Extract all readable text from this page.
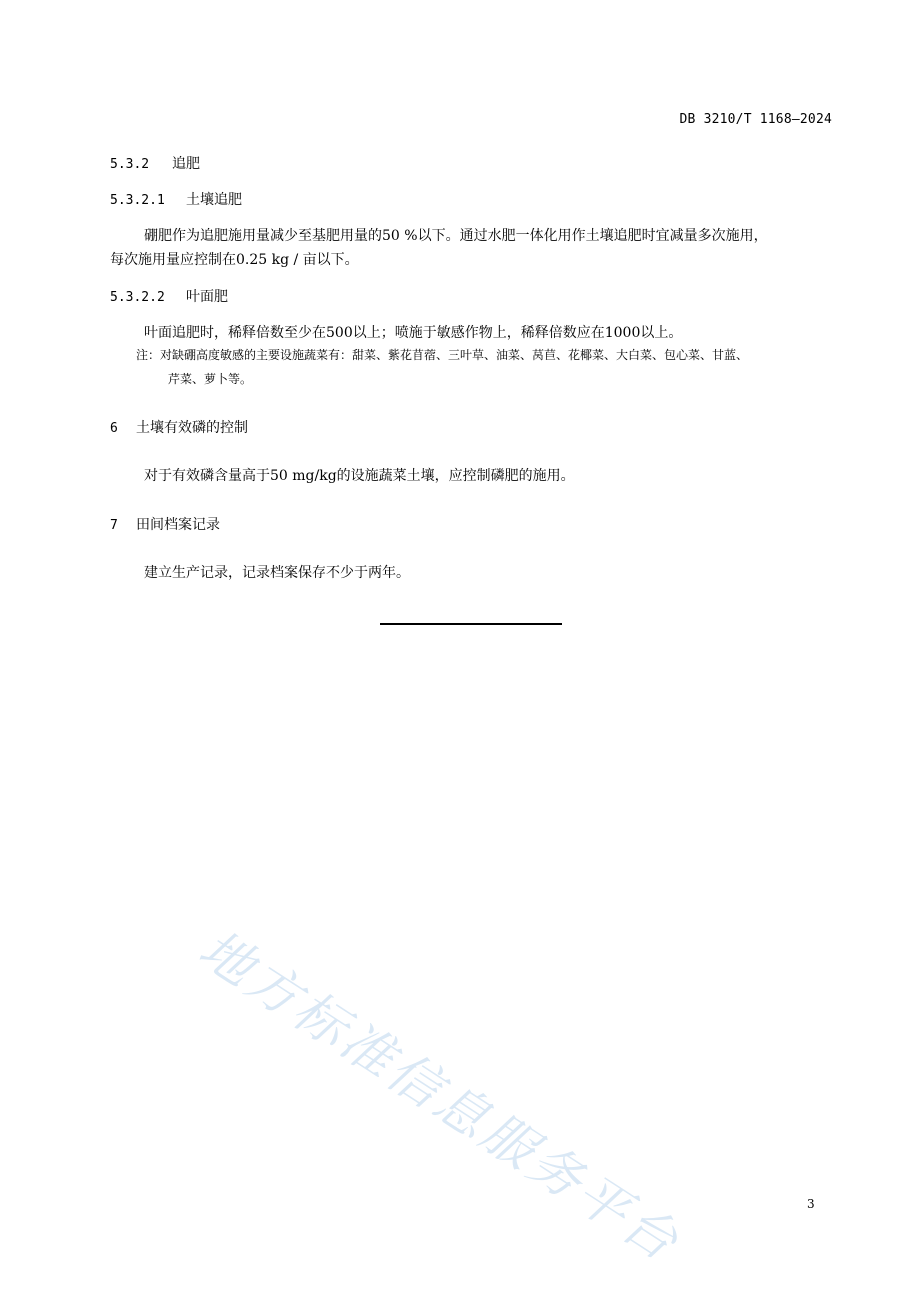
DB 3210/T 1168—2024
5.3.2 追肥
5.3.2.1 土壤追肥
硼肥作为追肥施用量减少至基肥用量的50 %以下。通过水肥一体化用作土壤追肥时宜减量多次施用，
每次施用量应控制在0.25 kg / 亩以下。
5.3.2.2 叶面肥
叶面追肥时，稀释倍数至少在500以上；喷施于敏感作物上，稀释倍数应在1000以上。
注：对缺硼高度敏感的主要设施蔬菜有：甜菜、紫花苜蓿、三叶草、油菜、莴苣、花椰菜、大白菜、包心菜、甘蓝、
芹菜、萝卜等。
6 土壤有效磷的控制
对于有效磷含量高于50 mg/kg的设施蔬菜土壤，应控制磷肥的施用。
7 田间档案记录
建立生产记录，记录档案保存不少于两年。
地方标准信息服务平台	3
